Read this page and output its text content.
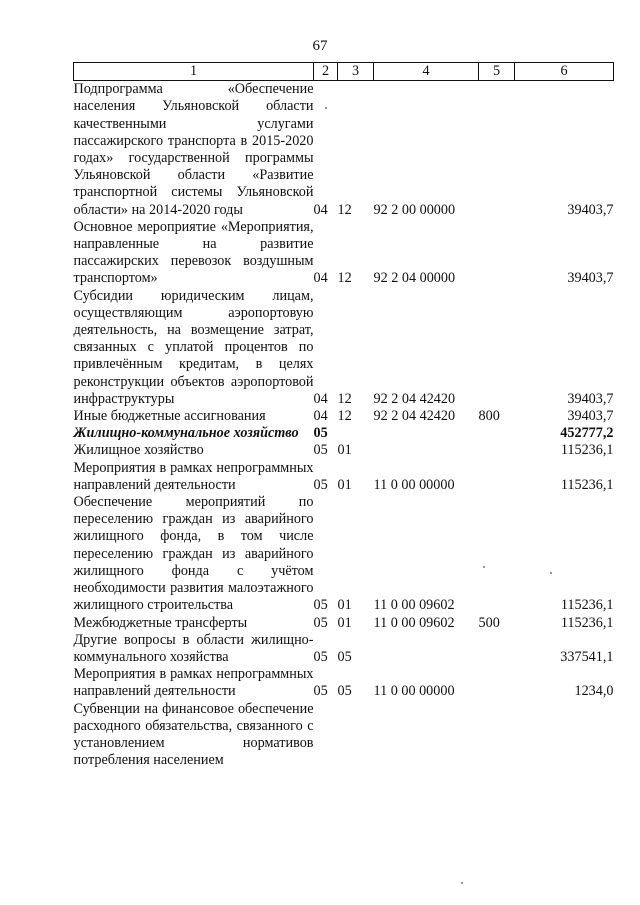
67
1	2	3	4	5	6
Подпрограмма «Обеспечение населения Ульяновской области качественными услугами пассажирского транспорта в 2015-2020 годах» государственной программы Ульяновской области «Развитие транспортной системы Ульяновской области» на 2014-2020 годы	04	12	92 2 00 00000		39403,7
Основное мероприятие «Мероприятия, направленные на развитие пассажирских перевозок воздушным транспортом»	04	12	92 2 04 00000		39403,7
Субсидии юридическим лицам, осуществляющим аэропортовую деятельность, на возмещение затрат, связанных с уплатой процентов по привлечённым кредитам, в целях реконструкции объектов аэропортовой инфраструктуры	04	12	92 2 04 42420		39403,7
Иные бюджетные ассигнования	04	12	92 2 04 42420	800	39403,7
Жилищно-коммунальное хозяйство	05				452777,2
Жилищное хозяйство	05	01			115236,1
Мероприятия в рамках непрограммных направлений деятельности	05	01	11 0 00 00000		115236,1
Обеспечение мероприятий по переселению граждан из аварийного жилищного фонда, в том числе переселению граждан из аварийного жилищного фонда с учётом необходимости развития малоэтажного жилищного строительства	05	01	11 0 00 09602		115236,1
Межбюджетные трансферты	05	01	11 0 00 09602	500	115236,1
Другие вопросы в области жилищно-коммунального хозяйства	05	05			337541,1
Мероприятия в рамках непрограммных направлений деятельности	05	05	11 0 00 00000		1234,0
Субвенции на финансовое обеспечение расходного обязательства, связанного с установлением нормативов потребления населением					
